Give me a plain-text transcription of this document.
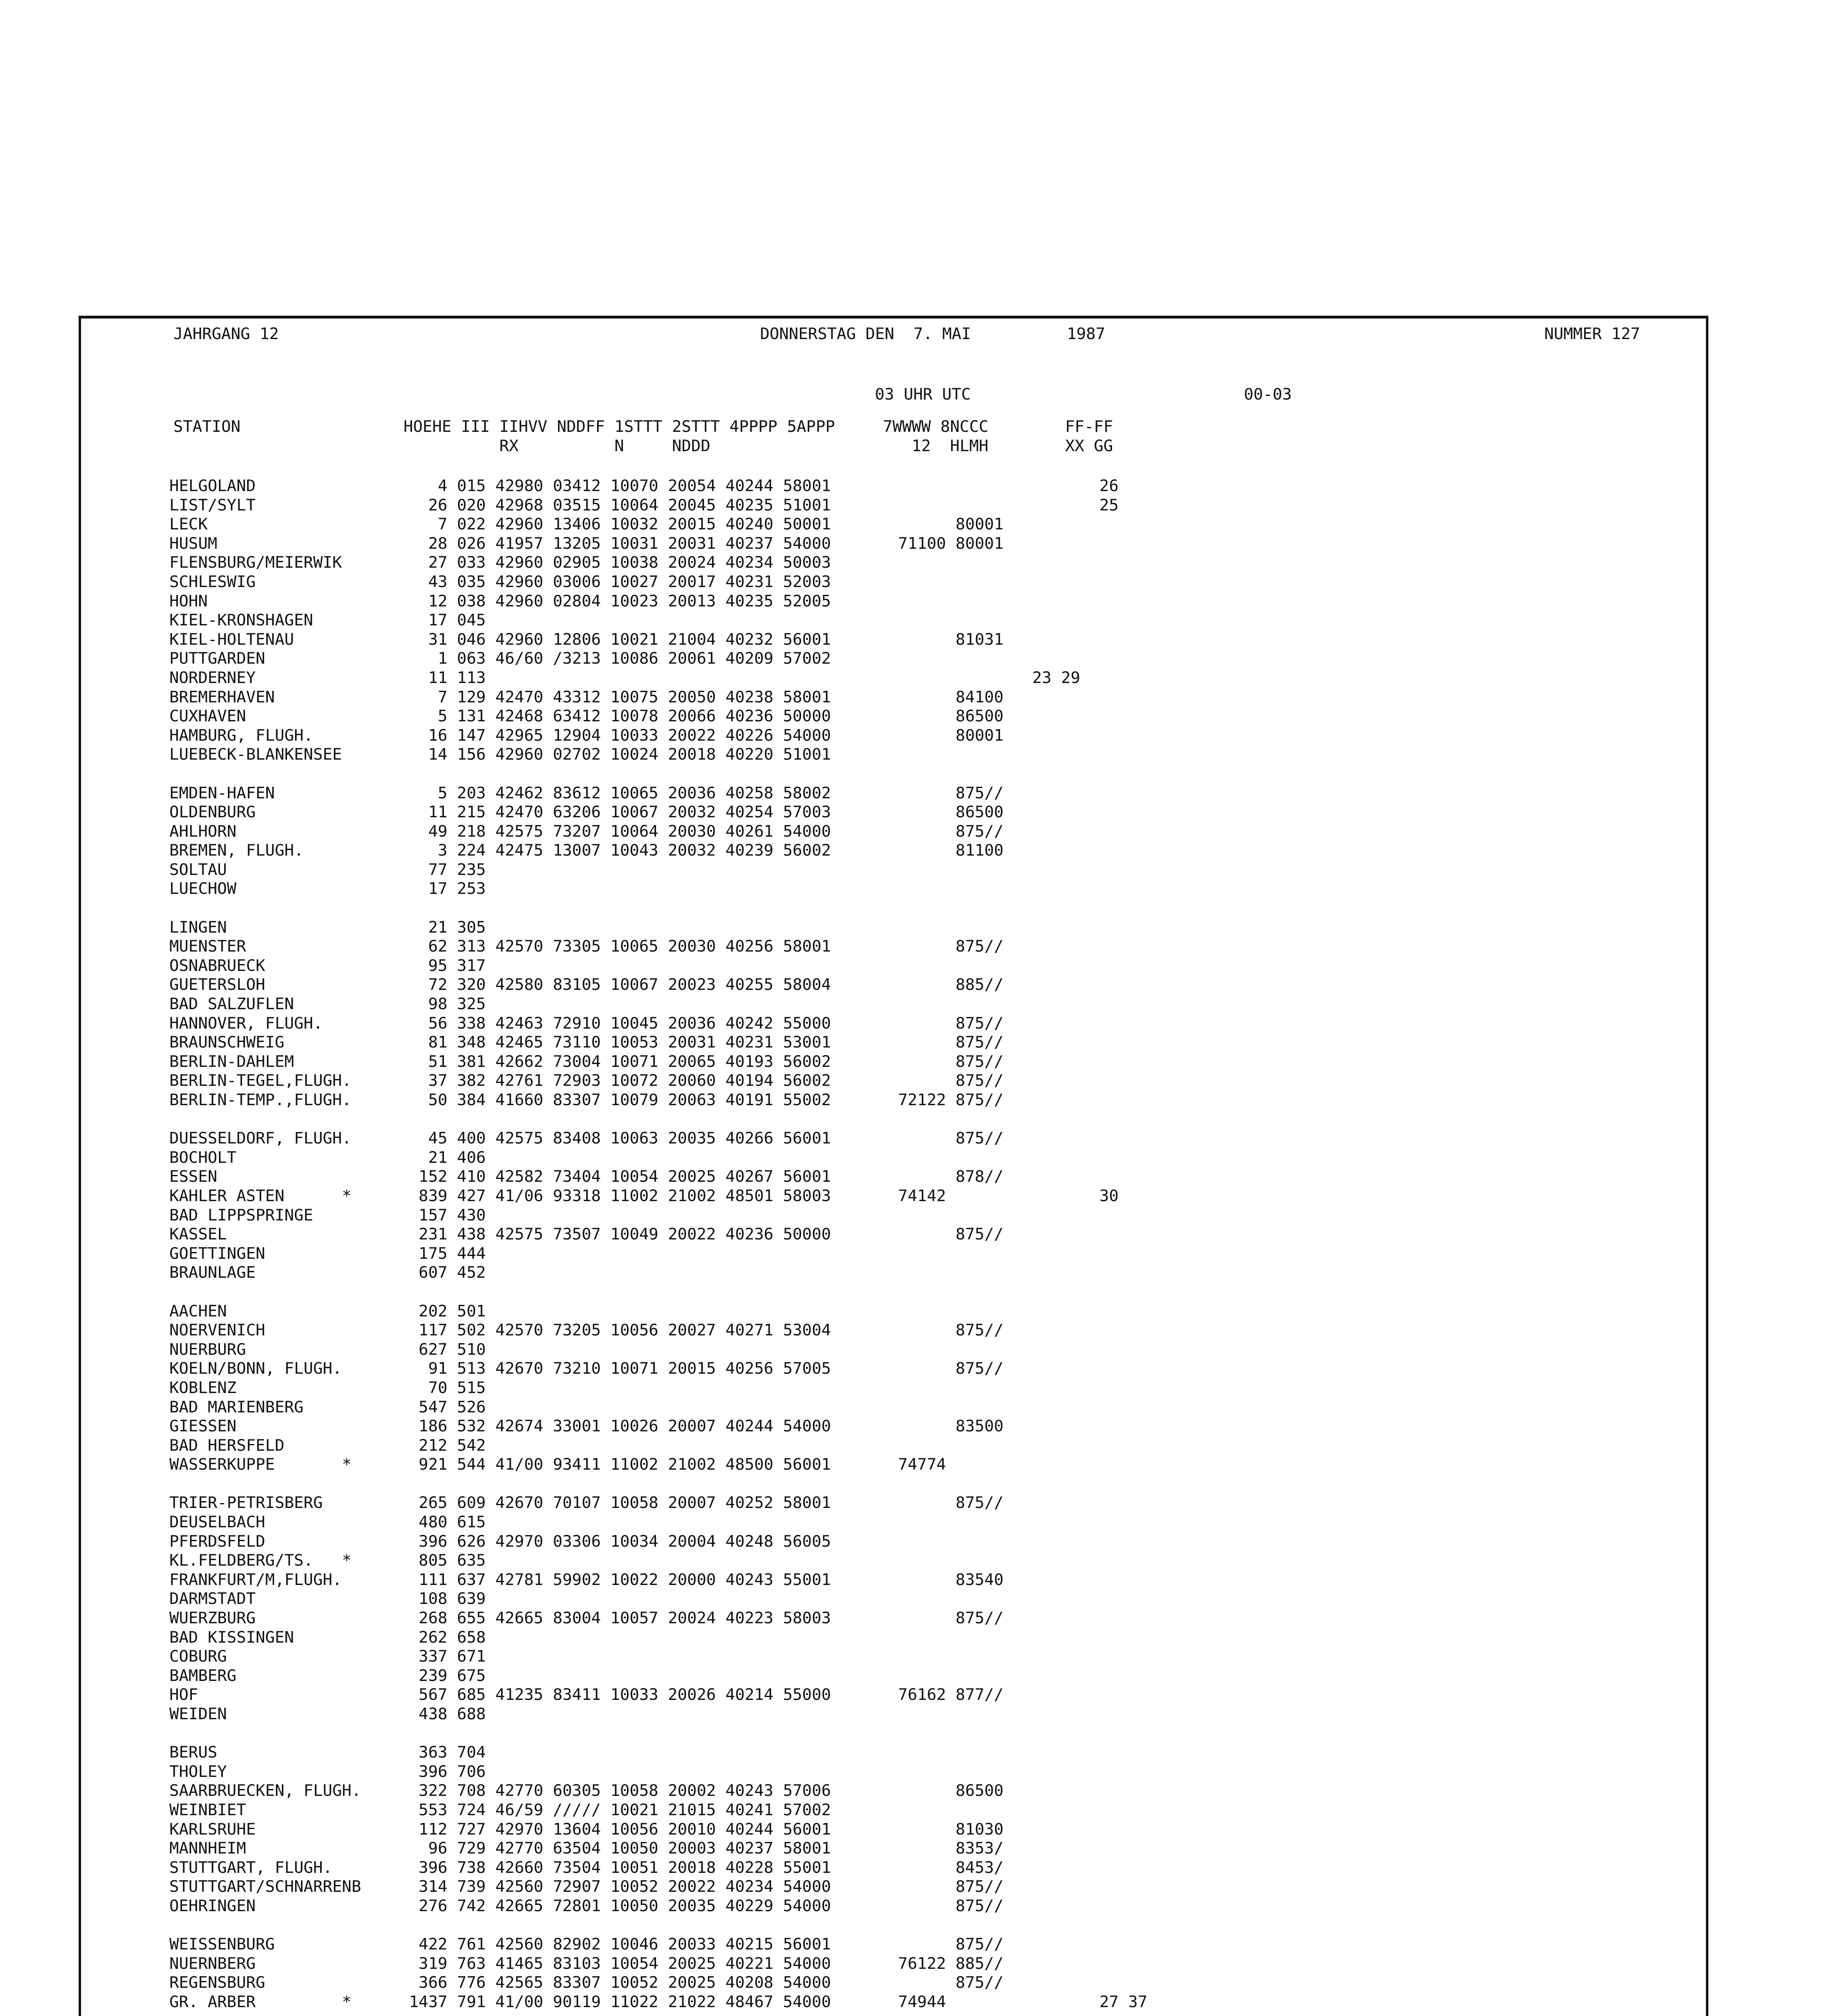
JAHRGANG 12	DONNERSTAG DEN  7. MAI          1987	NUMMER 127
03 UHR UTC	00-03
STATION                 HOEHE III IIHVV NDDFF 1STTT 2STTT 4PPPP 5APPP     7WWWW 8NCCC        FF-FF
RX          N     NDDD                     12  HLMH        XX GG
HELGOLAND                   4 015 42980 03412 10070 20054 40244 58001                            26
LIST/SYLT                  26 020 42968 03515 10064 20045 40235 51001                            25
LECK                        7 022 42960 13406 10032 20015 40240 50001             80001
HUSUM                      28 026 41957 13205 10031 20031 40237 54000       71100 80001
FLENSBURG/MEIERWIK         27 033 42960 02905 10038 20024 40234 50003
SCHLESWIG                  43 035 42960 03006 10027 20017 40231 52003
HOHN                       12 038 42960 02804 10023 20013 40235 52005
KIEL-KRONSHAGEN            17 045
KIEL-HOLTENAU              31 046 42960 12806 10021 21004 40232 56001             81031
PUTTGARDEN                  1 063 46/60 /3213 10086 20061 40209 57002
NORDERNEY                  11 113                                                         23 29
BREMERHAVEN                 7 129 42470 43312 10075 20050 40238 58001             84100
CUXHAVEN                    5 131 42468 63412 10078 20066 40236 50000             86500
HAMBURG, FLUGH.            16 147 42965 12904 10033 20022 40226 54000             80001
LUEBECK-BLANKENSEE         14 156 42960 02702 10024 20018 40220 51001
EMDEN-HAFEN                 5 203 42462 83612 10065 20036 40258 58002             875//
OLDENBURG                  11 215 42470 63206 10067 20032 40254 57003             86500
AHLHORN                    49 218 42575 73207 10064 20030 40261 54000             875//
BREMEN, FLUGH.              3 224 42475 13007 10043 20032 40239 56002             81100
SOLTAU                     77 235
LUECHOW                    17 253
LINGEN                     21 305
MUENSTER                   62 313 42570 73305 10065 20030 40256 58001             875//
OSNABRUECK                 95 317
GUETERSLOH                 72 320 42580 83105 10067 20023 40255 58004             885//
BAD SALZUFLEN              98 325
HANNOVER, FLUGH.           56 338 42463 72910 10045 20036 40242 55000             875//
BRAUNSCHWEIG               81 348 42465 73110 10053 20031 40231 53001             875//
BERLIN-DAHLEM              51 381 42662 73004 10071 20065 40193 56002             875//
BERLIN-TEGEL,FLUGH.        37 382 42761 72903 10072 20060 40194 56002             875//
BERLIN-TEMP.,FLUGH.        50 384 41660 83307 10079 20063 40191 55002       72122 875//
DUESSELDORF, FLUGH.        45 400 42575 83408 10063 20035 40266 56001             875//
BOCHOLT                    21 406
ESSEN                     152 410 42582 73404 10054 20025 40267 56001             878//
KAHLER ASTEN      *       839 427 41/06 93318 11002 21002 48501 58003       74142                30
BAD LIPPSPRINGE           157 430
KASSEL                    231 438 42575 73507 10049 20022 40236 50000             875//
GOETTINGEN                175 444
BRAUNLAGE                 607 452
AACHEN                    202 501
NOERVENICH                117 502 42570 73205 10056 20027 40271 53004             875//
NUERBURG                  627 510
KOELN/BONN, FLUGH.         91 513 42670 73210 10071 20015 40256 57005             875//
KOBLENZ                    70 515
BAD MARIENBERG            547 526
GIESSEN                   186 532 42674 33001 10026 20007 40244 54000             83500
BAD HERSFELD              212 542
WASSERKUPPE       *       921 544 41/00 93411 11002 21002 48500 56001       74774
TRIER-PETRISBERG          265 609 42670 70107 10058 20007 40252 58001             875//
DEUSELBACH                480 615
PFERDSFELD                396 626 42970 03306 10034 20004 40248 56005
KL.FELDBERG/TS.   *       805 635
FRANKFURT/M,FLUGH.        111 637 42781 59902 10022 20000 40243 55001             83540
DARMSTADT                 108 639
WUERZBURG                 268 655 42665 83004 10057 20024 40223 58003             875//
BAD KISSINGEN             262 658
COBURG                    337 671
BAMBERG                   239 675
HOF                       567 685 41235 83411 10033 20026 40214 55000       76162 877//
WEIDEN                    438 688
BERUS                     363 704
THOLEY                    396 706
SAARBRUECKEN, FLUGH.      322 708 42770 60305 10058 20002 40243 57006             86500
WEINBIET                  553 724 46/59 ///// 10021 21015 40241 57002
KARLSRUHE                 112 727 42970 13604 10056 20010 40244 56001             81030
MANNHEIM                   96 729 42770 63504 10050 20003 40237 58001             8353/
STUTTGART, FLUGH.         396 738 42660 73504 10051 20018 40228 55001             8453/
STUTTGART/SCHNARRENB      314 739 42560 72907 10052 20022 40234 54000             875//
OEHRINGEN                 276 742 42665 72801 10050 20035 40229 54000             875//
WEISSENBURG               422 761 42560 82902 10046 20033 40215 56001             875//
NUERNBERG                 319 763 41465 83103 10054 20025 40221 54000       76122 885//
REGENSBURG                366 776 42565 83307 10052 20025 40208 54000             875//
GR. ARBER         *      1437 791 41/00 90119 11022 21022 48467 54000       74944                27 37
